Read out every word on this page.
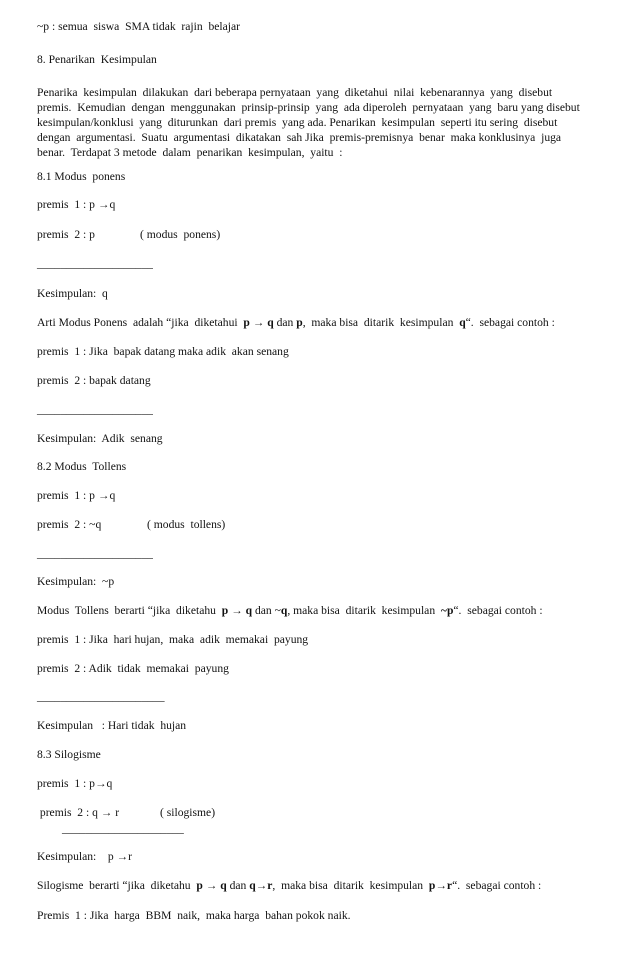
~p : semua  siswa  SMA tidak  rajin  belajar
8. Penarikan  Kesimpulan
Penarika  kesimpulan  dilakukan  dari beberapa pernyataan  yang  diketahui  nilai  kebenarannya  yang  disebut
premis.  Kemudian  dengan  menggunakan  prinsip-prinsip  yang  ada diperoleh  pernyataan  yang  baru yang disebut
kesimpulan/konklusi  yang  diturunkan  dari premis  yang ada. Penarikan  kesimpulan  seperti itu sering  disebut
dengan  argumentasi.  Suatu  argumentasi  dikatakan  sah Jika  premis-premisnya  benar  maka konklusinya  juga
benar.  Terdapat 3 metode  dalam  penarikan  kesimpulan,  yaitu  :
8.1 Modus  ponens
premis  1 : p →q
premis  2 : p	( modus  ponens)
____________________
Kesimpulan:  q
Arti Modus Ponens  adalah “jika  diketahui  p → q dan p,  maka bisa  ditarik  kesimpulan  q“.  sebagai contoh :
premis  1 : Jika  bapak datang maka adik  akan senang
premis  2 : bapak datang
____________________
Kesimpulan:  Adik  senang
8.2 Modus  Tollens
premis  1 : p →q
premis  2 : ~q	( modus  tollens)
____________________
Kesimpulan:  ~p
Modus  Tollens  berarti “jika  diketahu  p → q dan ~q, maka bisa  ditarik  kesimpulan  ~p“.  sebagai contoh :
premis  1 : Jika  hari hujan,  maka  adik  memakai  payung
premis  2 : Adik  tidak  memakai  payung
______________________
Kesimpulan   : Hari tidak  hujan
8.3 Silogisme
premis  1 : p→q
premis  2 : q → r	( silogisme)
_____________________
Kesimpulan:    p →r
Silogisme  berarti “jika  diketahu  p → q dan q→r,  maka bisa  ditarik  kesimpulan  p→r“.  sebagai contoh :
Premis  1 : Jika  harga  BBM  naik,  maka harga  bahan pokok naik.
